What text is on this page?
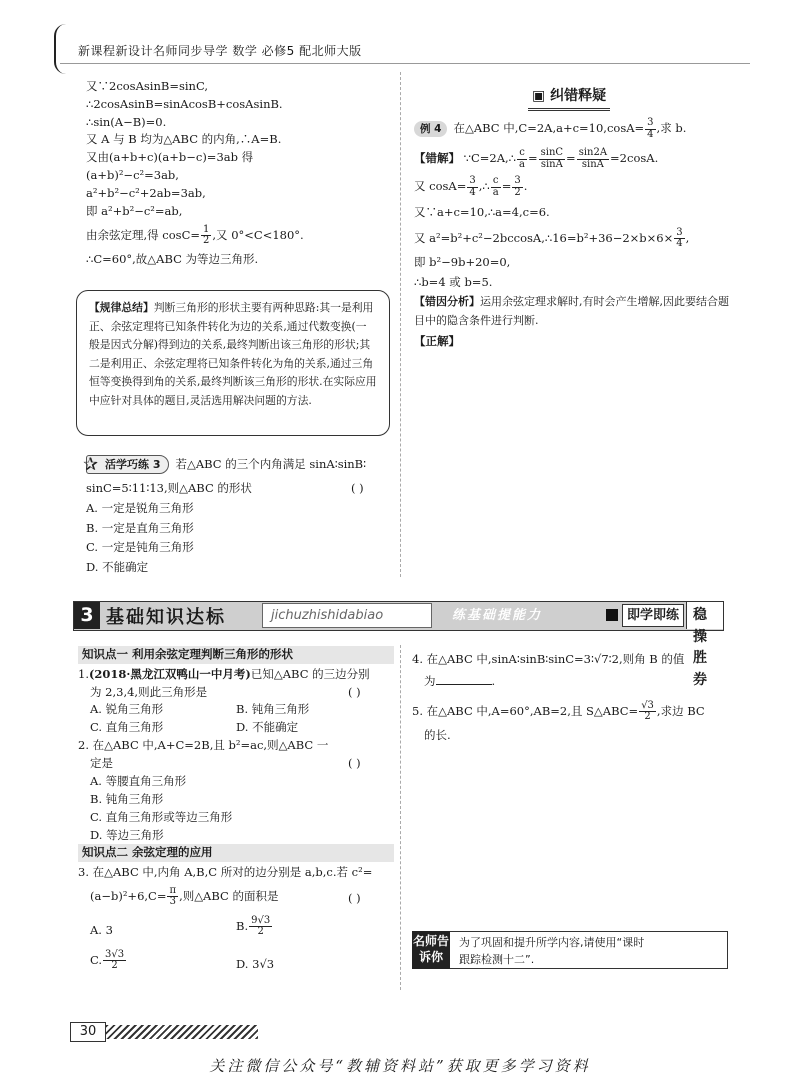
新课程新设计名师同步导学 数学 必修5 配北师大版
又∵2cosAsinB=sinC,
∴2cosAsinB=sinAcosB+cosAsinB.
∴sin(A−B)=0.
又 A 与 B 均为△ABC 的内角,∴A=B.
又由(a+b+c)(a+b−c)=3ab 得
(a+b)²−c²=3ab,
a²+b²−c²+2ab=3ab,
即 a²+b²−c²=ab,
由余弦定理,得 $\cos C= \frac{1}{2}$ ,又 0°<C<180°.
∴C=60°,故△ABC 为等边三角形.
【规律总结】判断三角形的形状主要有两种思路:其一是利用正、余弦定理将已知条件转化为边的关系,通过代数变换(一般是因式分解)得到边的关系,最终判断出该三角形的形状;其二是利用正、余弦定理将已知条件转化为角的关系,通过三角恒等变换得到角的关系,最终判断该三角形的形状.在实际应用中应针对具体的题目,灵活选用解决问题的方法.
✰ 活学巧练 3 若△ABC 的三个内角满足 sinA∶sinB∶
sinC=5∶11∶13,则△ABC 的形状	( )
A. 一定是锐角三角形
B. 一定是直角三角形
C. 一定是钝角三角形
D. 不能确定
▣ 纠错释疑
例 4 在△ABC 中$,C=2A,a+c=10,\cos A= \frac{3}{4}$ ,求 b.
【错解】 ∵C=2A,∴ $\frac{c}{a} = \frac{\sin C}{\sin A} = \frac{\sin 2A}{\sin A} =2\cos A$.
又 $\cos A= \frac{3}{4}$ ,∴ $\frac{c}{a} = \frac{3}{2}$ .
又∵a+c=10,∴a=4,c=6.
又 a²=b²+c²−2bccosA,∴16=b²+36−2×b×6× $\frac{3}{4}$ ,
即 b²−9b+20=0,
∴b=4 或 b=5.
【错因分析】运用余弦定理求解时,有时会产生增解,因此要结合题目中的隐含条件进行判断.
【正解】
3 基础知识达标	jichuzhishidabiao	练基础提能力	即学即练 稳操胜券
知识点一 利用余弦定理判断三角形的形状
1.(2018·黑龙江双鸭山一中月考)已知△ABC 的三边分别
为 2,3,4,则此三角形是	( )
A. 锐角三角形	B. 钝角三角形
C. 直角三角形	D. 不能确定
2. 在△ABC 中,A+C=2B,且 b²=ac,则△ABC 一
定是	( )
A. 等腰直角三角形
B. 钝角三角形
C. 直角三角形或等边三角形
D. 等边三角形
知识点二 余弦定理的应用
3. 在△ABC 中,内角 A,B,C 所对的边分别是 a,b,c.若 c²=
$(a-b)^2+6,C= \frac{\pi}{3}$ ,则△ABC 的面积是	( )
A. 3	B. $\frac{9√3}{2}$
C. $\frac{3√3}{2}$	D. 3√3
4. 在△ABC 中,sinA∶sinB∶sinC=3∶√7∶2,则角 B 的值
为	.
5. 在△ABC 中,A=60°,AB=2,且 S△ABC= $\frac{√3}{2}$ ,求边 BC
的长.
名师告诉你
为了巩固和提升所学内容,请使用“课时
跟踪检测十二”.
30
关注微信公众号“教辅资料站”获取更多学习资料
